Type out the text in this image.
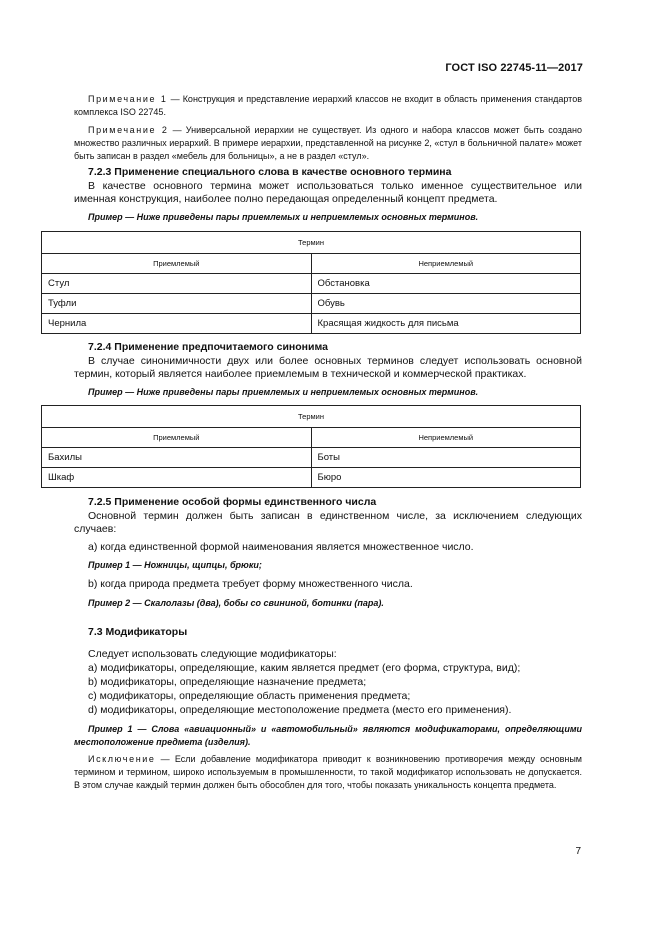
ГОСТ ISO 22745-11—2017

Примечание 1 — Конструкция и представление иерархий классов не входит в область применения стандартов комплекса ISO 22745.

Примечание 2 — Универсальной иерархии не существует. Из одного и набора классов может быть создано множество различных иерархий. В примере иерархии, представленной на рисунке 2, «стул в больничной палате» может быть записан в раздел «мебель для больницы», а не в раздел «стул».

7.2.3 Применение специального слова в качестве основного термина

В качестве основного термина может использоваться только именное существительное или именная конструкция, наиболее полно передающая определенный концепт предмета.

Пример — Ниже приведены пары приемлемых и неприемлемых основных терминов.

Термин	
Приемлемый	Неприемлемый
Стул	Обстановка
Туфли	Обувь
Чернила	Красящая жидкость для письма

7.2.4 Применение предпочитаемого синонима

В случае синонимичности двух или более основных терминов следует использовать основной термин, который является наиболее приемлемым в технической и коммерческой практиках.

Пример — Ниже приведены пары приемлемых и неприемлемых основных терминов.

Термин	
Приемлемый	Неприемлемый
Бахилы	Боты
Шкаф	Бюро

7.2.5 Применение особой формы единственного числа

Основной термин должен быть записан в единственном числе, за исключением следующих случаев:

а) когда единственной формой наименования является множественное число.

Пример 1 — Ножницы, щипцы, брюки;

b) когда природа предмета требует форму множественного числа.

Пример 2 — Скалолазы (два), бобы со свининой, ботинки (пара).

7.3 Модификаторы

Следует использовать следующие модификаторы:

а) модификаторы, определяющие, каким является предмет (его форма, структура, вид);

b) модификаторы, определяющие назначение предмета;

с) модификаторы, определяющие область применения предмета;

d) модификаторы, определяющие местоположение предмета (место его применения).

Пример 1 — Слова «авиационный» и «автомобильный» являются модификаторами, определяющими местоположение предмета (изделия).

Исключение — Если добавление модификатора приводит к возникновению противоречия между основным термином и термином, широко используемым в промышленности, то такой модификатор использовать не допускается. В этом случае каждый термин должен быть обособлен для того, чтобы показать уникальность концепта предмета.

7
